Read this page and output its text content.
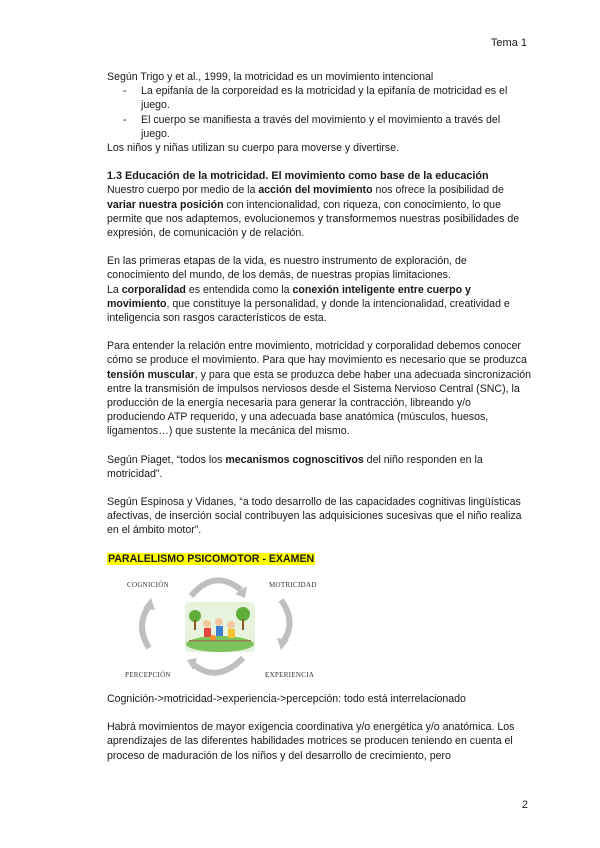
Tema 1

Según Trigo y et al., 1999, la motricidad es un movimiento intencional

- La epifanía de la corporeidad es la motricidad y la epifanía de motricidad es el juego.
- El cuerpo se manifiesta a través del movimiento y el movimiento a través del juego.

Los niños y niñas utilizan su cuerpo para moverse y divertirse.

1.3 Educación de la motricidad. El movimiento como base de la educación

Nuestro cuerpo por medio de la acción del movimiento nos ofrece la posibilidad de variar nuestra posición con intencionalidad, con riqueza, con conocimiento, lo que permite que nos adaptemos, evolucionemos y transformemos nuestras posibilidades de expresión, de comunicación y de relación.

En las primeras etapas de la vida, es nuestro instrumento de exploración, de conocimiento del mundo, de los demás, de nuestras propias limitaciones.

La corporalidad es entendida como la conexión inteligente entre cuerpo y movimiento, que constituye la personalidad, y donde la intencionalidad, creatividad e inteligencia son rasgos característicos de esta.

Para entender la relación entre movimiento, motricidad y corporalidad debemos conocer cómo se produce el movimiento. Para que hay movimiento es necesario que se produzca tensión muscular, y para que esta se produzca debe haber una adecuada sincronización entre la transmisión de impulsos nerviosos desde el Sistema Nervioso Central (SNC), la producción de la energía necesaria para generar la contracción, libreando y/o produciendo ATP requerido, y una adecuada base anatómica (músculos, huesos, ligamentos…) que sustente la mecánica del mismo.

Según Piaget, “todos los mecanismos cognoscitivos del niño responden en la motricidad”.

Según Espinosa y Vidanes, “a todo desarrollo de las capacidades cognitivas lingüísticas afectivas, de inserción social contribuyen las adquisiciones sucesivas que el niño realiza en el ámbito motor”.

PARALELISMO PSICOMOTOR - EXAMEN

COGNICIÓN	MOTRICIDAD
PERCEPCIÓN	EXPERIENCIA

Cognición->motricidad->experiencia->percepción: todo está interrelacionado

Habrá movimientos de mayor exigencia coordinativa y/o energética y/o anatómica. Los aprendizajes de las diferentes habilidades motrices se producen teniendo en cuenta el proceso de maduración de los niños y del desarrollo de crecimiento, pero

2
